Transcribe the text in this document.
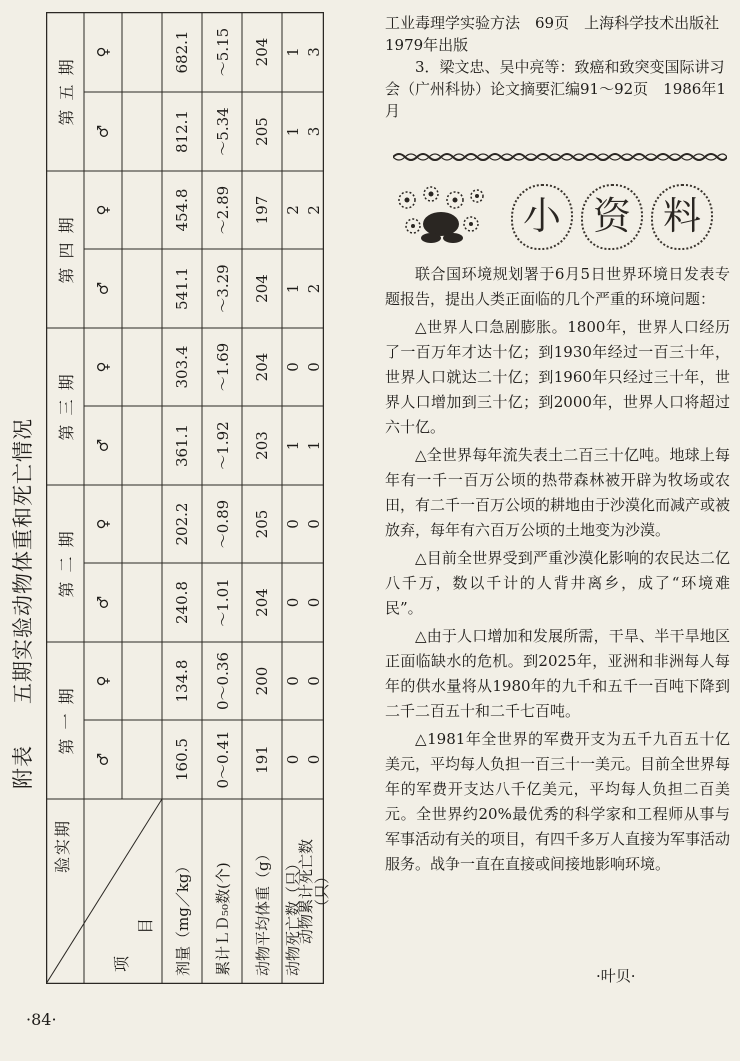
附表
五期实验动物体重和死亡情况
验实期
项
目
第 一 期
第 二 期
第 三 期
第 四 期
第 五 期
♂
♀
♂
♀
♂
♀
♂
♀
♂
♀
剂量（mg／kg）
160.5
134.8
240.8
202.2
361.1
303.4
541.1
454.8
812.1
682.1
累计ＬＤ₅₀数(个)
0～0.41
0～0.36
～1.01
～0.89
～1.92
～1.69
～3.29
～2.89
～5.34
～5.15
动物平均体重（g）
191
200
204
205
203
204
204
197
205
204
动物死亡数（只）
0
0
0
0
1
0
1
2
1
1
动物累计死亡数
（只）
0
0
0
0
1
0
2
2
3
3

工业毒理学实验方法　69页　上海科学技术出版社1979年出版

3．梁文忠、吴中亮等：致癌和致突变国际讲习会（广州科协）论文摘要汇编91～92页　1986年1月

小 资 料

联合国环境规划署于6月5日世界环境日发表专题报告，提出人类正面临的几个严重的环境问题：

△世界人口急剧膨胀。1800年，世界人口经历了一百万年才达十亿；到1930年经过一百三十年，世界人口就达二十亿；到1960年只经过三十年，世界人口增加到三十亿；到2000年，世界人口将超过六十亿。

△全世界每年流失表土二百三十亿吨。地球上每年有一千一百万公顷的热带森林被开辟为牧场或农田，有二千一百万公顷的耕地由于沙漠化而减产或被放弃，每年有六百万公顷的土地变为沙漠。

△目前全世界受到严重沙漠化影响的农民达二亿八千万，数以千计的人背井离乡，成了“环境难民”。

△由于人口增加和发展所需，干旱、半干旱地区正面临缺水的危机。到2025年，亚洲和非洲每人每年的供水量将从1980年的九千和五千一百吨下降到二千二百五十和二千七百吨。

△1981年全世界的军费开支为五千九百五十亿美元，平均每人负担一百三十一美元。目前全世界每年的军费开支达八千亿美元，平均每人负担二百美元。全世界约20%最优秀的科学家和工程师从事与军事活动有关的项目，有四千多万人直接为军事活动服务。战争一直在直接或间接地影响环境。

·叶贝·
·84·
